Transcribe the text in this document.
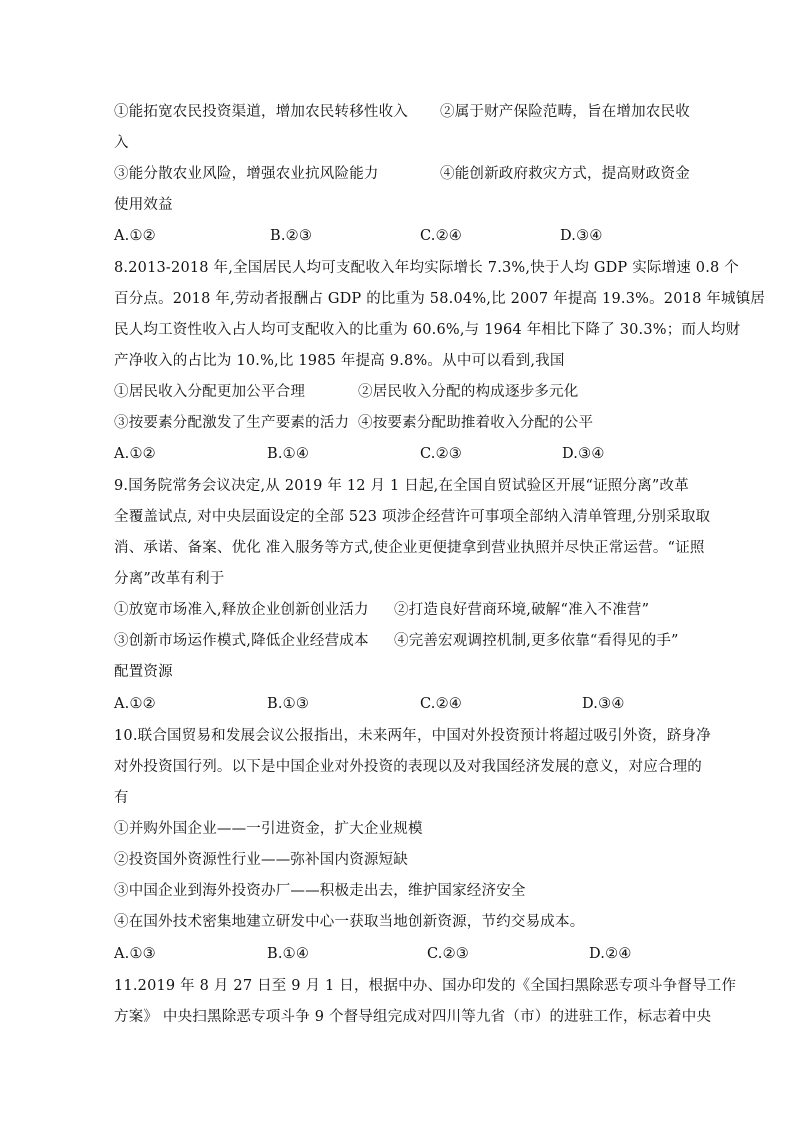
①能拓宽农民投资渠道，增加农民转移性收入 ②属于财产保险范畴，旨在增加农民收
入
③能分散农业风险，增强农业抗风险能力	④能创新政府救灾方式，提高财政资金
使用效益
A.①②	B.②③	C.②④	D.③④
8.2013-2018 年,全国居民人均可支配收入年均实际增长 7.3%,快于人均 GDP 实际增速 0.8 个
百分点。2018 年,劳动者报酬占 GDP 的比重为 58.04%,比 2007 年提高 19.3%。2018 年城镇居
民人均工资性收入占人均可支配收入的比重为 60.6%,与 1964 年相比下降了 30.3%；而人均财
产净收入的占比为 10.%,比 1985 年提高 9.8%。从中可以看到,我国
①居民收入分配更加公平合理	②居民收入分配的构成逐步多元化
③按要素分配激发了生产要素的活力 ④按要素分配助推着收入分配的公平
A.①②	B.①④	C.②③	D.③④
9.国务院常务会议决定,从 2019 年 12 月 1 日起,在全国自贸试验区开展“证照分离”改革
全覆盖试点, 对中央层面设定的全部 523 项涉企经营许可事项全部纳入清单管理,分别采取取
消、承诺、备案、优化 准入服务等方式,使企业更便捷拿到营业执照并尽快正常运营。“证照
分离”改革有利于
①放宽市场准入,释放企业创新创业活力 ②打造良好营商环境,破解“准入不准营”
③创新市场运作模式,降低企业经营成本 ④完善宏观调控机制,更多依靠“看得见的手”
配置资源
A.①②	B.①③	C.②④	D.③④
10.联合国贸易和发展会议公报指出，未来两年，中国对外投资预计将超过吸引外资，跻身净
对外投资国行列。以下是中国企业对外投资的表现以及对我国经济发展的意义，对应合理的
有
①并购外国企业——一引进资金，扩大企业规模
②投资国外资源性行业——弥补国内资源短缺
③中国企业到海外投资办厂——积极走出去，维护国家经济安全
④在国外技术密集地建立研发中心一获取当地创新资源，节约交易成本。
A.①③	B.①④	C.②③	D.②④
11.2019 年 8 月 27 日至 9 月 1 日，根据中办、国办印发的《全国扫黑除恶专项斗争督导工作
方案》 中央扫黑除恶专项斗争 9 个督导组完成对四川等九省（市）的进驻工作，标志着中央
